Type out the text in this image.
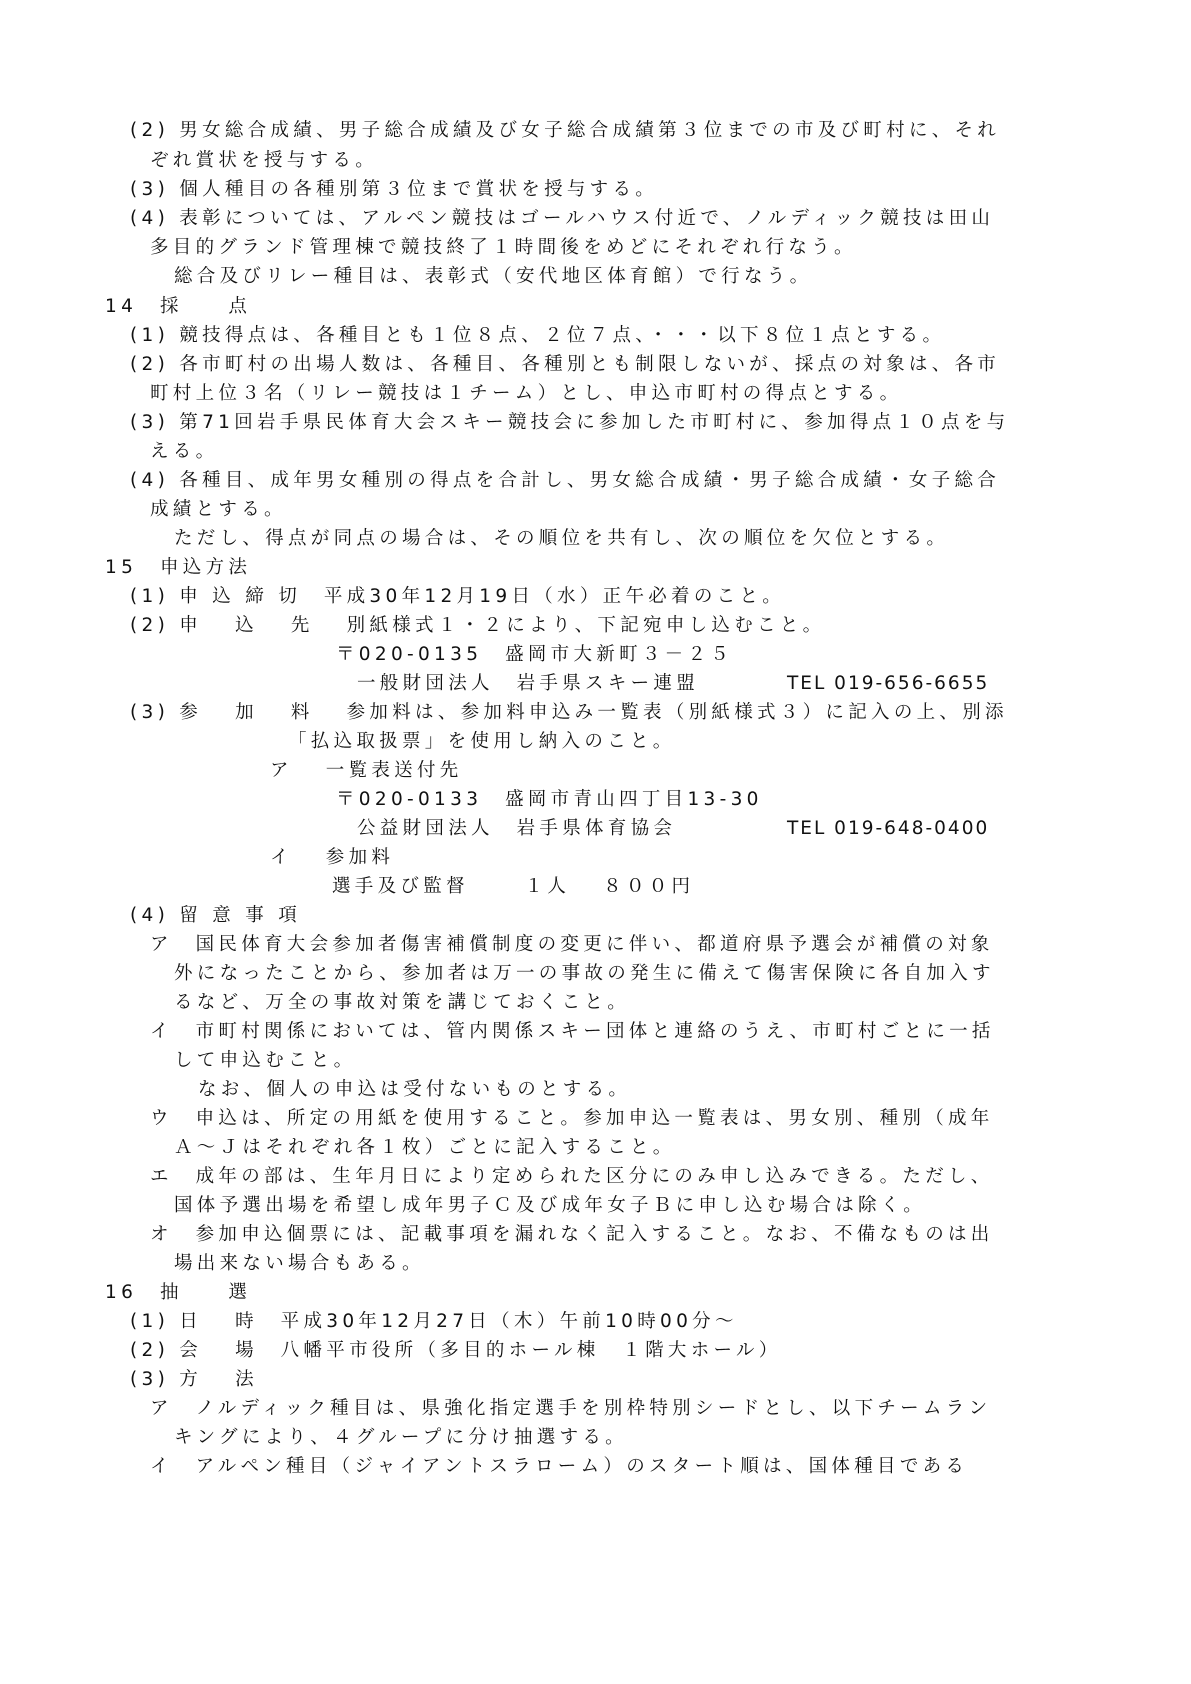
(2) 男女総合成績、男子総合成績及び女子総合成績第３位までの市及び町村に、それ
ぞれ賞状を授与する。
(3) 個人種目の各種別第３位まで賞状を授与する。
(4) 表彰については、アルペン競技はゴールハウス付近で、ノルディック競技は田山
多目的グランド管理棟で競技終了１時間後をめどにそれぞれ行なう。
総合及びリレー種目は、表彰式（安代地区体育館）で行なう。
14　採　　点
(1) 競技得点は、各種目とも１位８点、２位７点、・・・以下８位１点とする。
(2) 各市町村の出場人数は、各種目、各種別とも制限しないが、採点の対象は、各市
町村上位３名（リレー競技は１チーム）とし、申込市町村の得点とする。
(3) 第71回岩手県民体育大会スキー競技会に参加した市町村に、参加得点１０点を与
える。
(4) 各種目、成年男女種別の得点を合計し、男女総合成績・男子総合成績・女子総合
成績とする。
ただし、得点が同点の場合は、その順位を共有し、次の順位を欠位とする。
15　申込方法
(1) 申 込 締 切　平成30年12月19日（水）正午必着のこと。
(2) 申　 込　 先　 別紙様式１・２により、下記宛申し込むこと。
〒020-0135　盛岡市大新町３－２５
一般財団法人　岩手県スキー連盟	TEL 019-656-6655
(3) 参　 加　 料　 参加料は、参加料申込み一覧表（別紙様式３）に記入の上、別添
「払込取扱票」を使用し納入のこと。
ア　 一覧表送付先
〒020-0133　盛岡市青山四丁目13-30
公益財団法人　岩手県体育協会	TEL 019-648-0400
イ　 参加料
選手及び監督　　 １人　 ８００円
(4) 留 意 事 項
ア　国民体育大会参加者傷害補償制度の変更に伴い、都道府県予選会が補償の対象
外になったことから、参加者は万一の事故の発生に備えて傷害保険に各自加入す
るなど、万全の事故対策を講じておくこと。
イ　市町村関係においては、管内関係スキー団体と連絡のうえ、市町村ごとに一括
して申込むこと。
なお、個人の申込は受付ないものとする。
ウ　申込は、所定の用紙を使用すること。参加申込一覧表は、男女別、種別（成年
Ａ～Ｊはそれぞれ各１枚）ごとに記入すること。
エ　成年の部は、生年月日により定められた区分にのみ申し込みできる。ただし、
国体予選出場を希望し成年男子Ｃ及び成年女子Ｂに申し込む場合は除く。
オ　参加申込個票には、記載事項を漏れなく記入すること。なお、不備なものは出
場出来ない場合もある。
16　抽　　選
(1) 日　 時　平成30年12月27日（木）午前10時00分～
(2) 会　 場　八幡平市役所（多目的ホール棟　１階大ホール）
(3) 方　 法
ア　ノルディック種目は、県強化指定選手を別枠特別シードとし、以下チームラン
キングにより、４グループに分け抽選する。
イ　アルペン種目（ジャイアントスラローム）のスタート順は、国体種目である
